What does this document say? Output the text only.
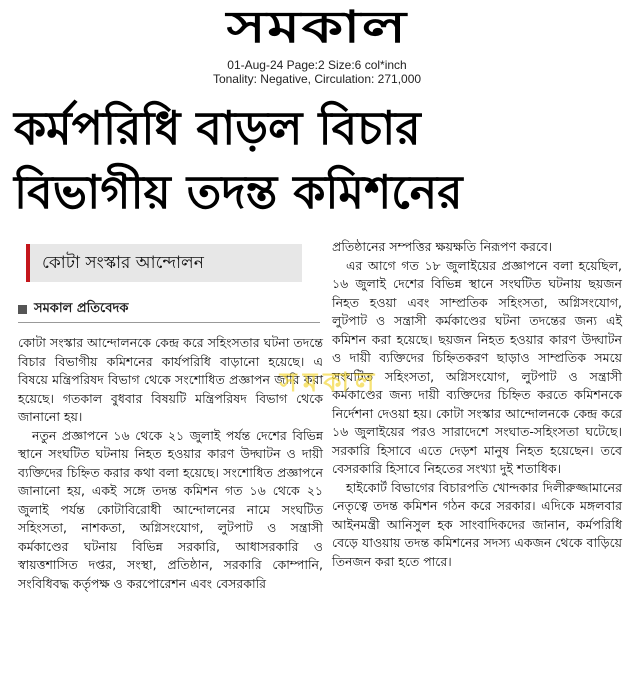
সমকাল
01-Aug-24 Page:2 Size:6 col*inch
Tonality: Negative, Circulation: 271,000
কর্মপরিধি বাড়ল বিচার
বিভাগীয় তদন্ত কমিশনের
কোটা সংস্কার আন্দোলন
সমকাল প্রতিবেদক

কোটা সংস্কার আন্দোলনকে কেন্দ্র করে সহিংসতার ঘটনা তদন্তে বিচার বিভাগীয় কমিশনের কার্যপরিধি বাড়ানো হয়েছে। এ বিষয়ে মন্ত্রিপরিষদ বিভাগ থেকে সংশোধিত প্রজ্ঞাপন জারি করা হয়েছে। গতকাল বুধবার বিষয়টি মন্ত্রিপরিষদ বিভাগ থেকে জানানো হয়।

নতুন প্রজ্ঞাপনে ১৬ থেকে ২১ জুলাই পর্যন্ত দেশের বিভিন্ন স্থানে সংঘটিত ঘটনায় নিহত হওয়ার কারণ উদ্ঘাটন ও দায়ী ব্যক্তিদের চিহ্নিত করার কথা বলা হয়েছে। সংশোধিত প্রজ্ঞাপনে জানানো হয়, একই সঙ্গে তদন্ত কমিশন গত ১৬ থেকে ২১ জুলাই পর্যন্ত কোটাবিরোধী আন্দোলনের নামে সংঘটিত সহিংসতা, নাশকতা, অগ্নিসংযোগ, লুটপাট ও সন্ত্রাসী কর্মকাণ্ডের ঘটনায় বিভিন্ন সরকারি, আধাসরকারি ও স্বায়ত্তশাসিত দপ্তর, সংস্থা, প্রতিষ্ঠান, সরকারি কোম্পানি, সংবিধিবদ্ধ কর্তৃপক্ষ ও করপোরেশন এবং বেসরকারি

প্রতিষ্ঠানের সম্পত্তির ক্ষয়ক্ষতি নিরূপণ করবে।

এর আগে গত ১৮ জুলাইয়ের প্রজ্ঞাপনে বলা হয়েছিল, ১৬ জুলাই দেশের বিভিন্ন স্থানে সংঘটিত ঘটনায় ছয়জন নিহত হওয়া এবং সাম্প্রতিক সহিংসতা, অগ্নিসংযোগ, লুটপাট ও সন্ত্রাসী কর্মকাণ্ডের ঘটনা তদন্তের জন্য এই কমিশন করা হয়েছে। ছয়জন নিহত হওয়ার কারণ উদ্ঘাটন ও দায়ী ব্যক্তিদের চিহ্নিতকরণ ছাড়াও সাম্প্রতিক সময়ে সংঘটিত সহিংসতা, অগ্নিসংযোগ, লুটপাট ও সন্ত্রাসী কর্মকাণ্ডের জন্য দায়ী ব্যক্তিদের চিহ্নিত করতে কমিশনকে নির্দেশনা দেওয়া হয়। কোটা সংস্কার আন্দোলনকে কেন্দ্র করে ১৬ জুলাইয়ের পরও সারাদেশে সংঘাত-সহিংসতা ঘটেছে। সরকারি হিসাবে এতে দেড়শ মানুষ নিহত হয়েছেন। তবে বেসরকারি হিসাবে নিহতের সংখ্যা দুই শতাধিক।

হাইকোর্ট বিভাগের বিচারপতি খোন্দকার দিলীরুজ্জামানের নেতৃত্বে তদন্ত কমিশন গঠন করে সরকার। এদিকে মঙ্গলবার আইনমন্ত্রী আনিসুল হক সাংবাদিকদের জানান, কর্মপরিধি বেড়ে যাওয়ায় তদন্ত কমিশনের সদস্য একজন থেকে বাড়িয়ে তিনজন করা হতে পারে।

সমকাল
